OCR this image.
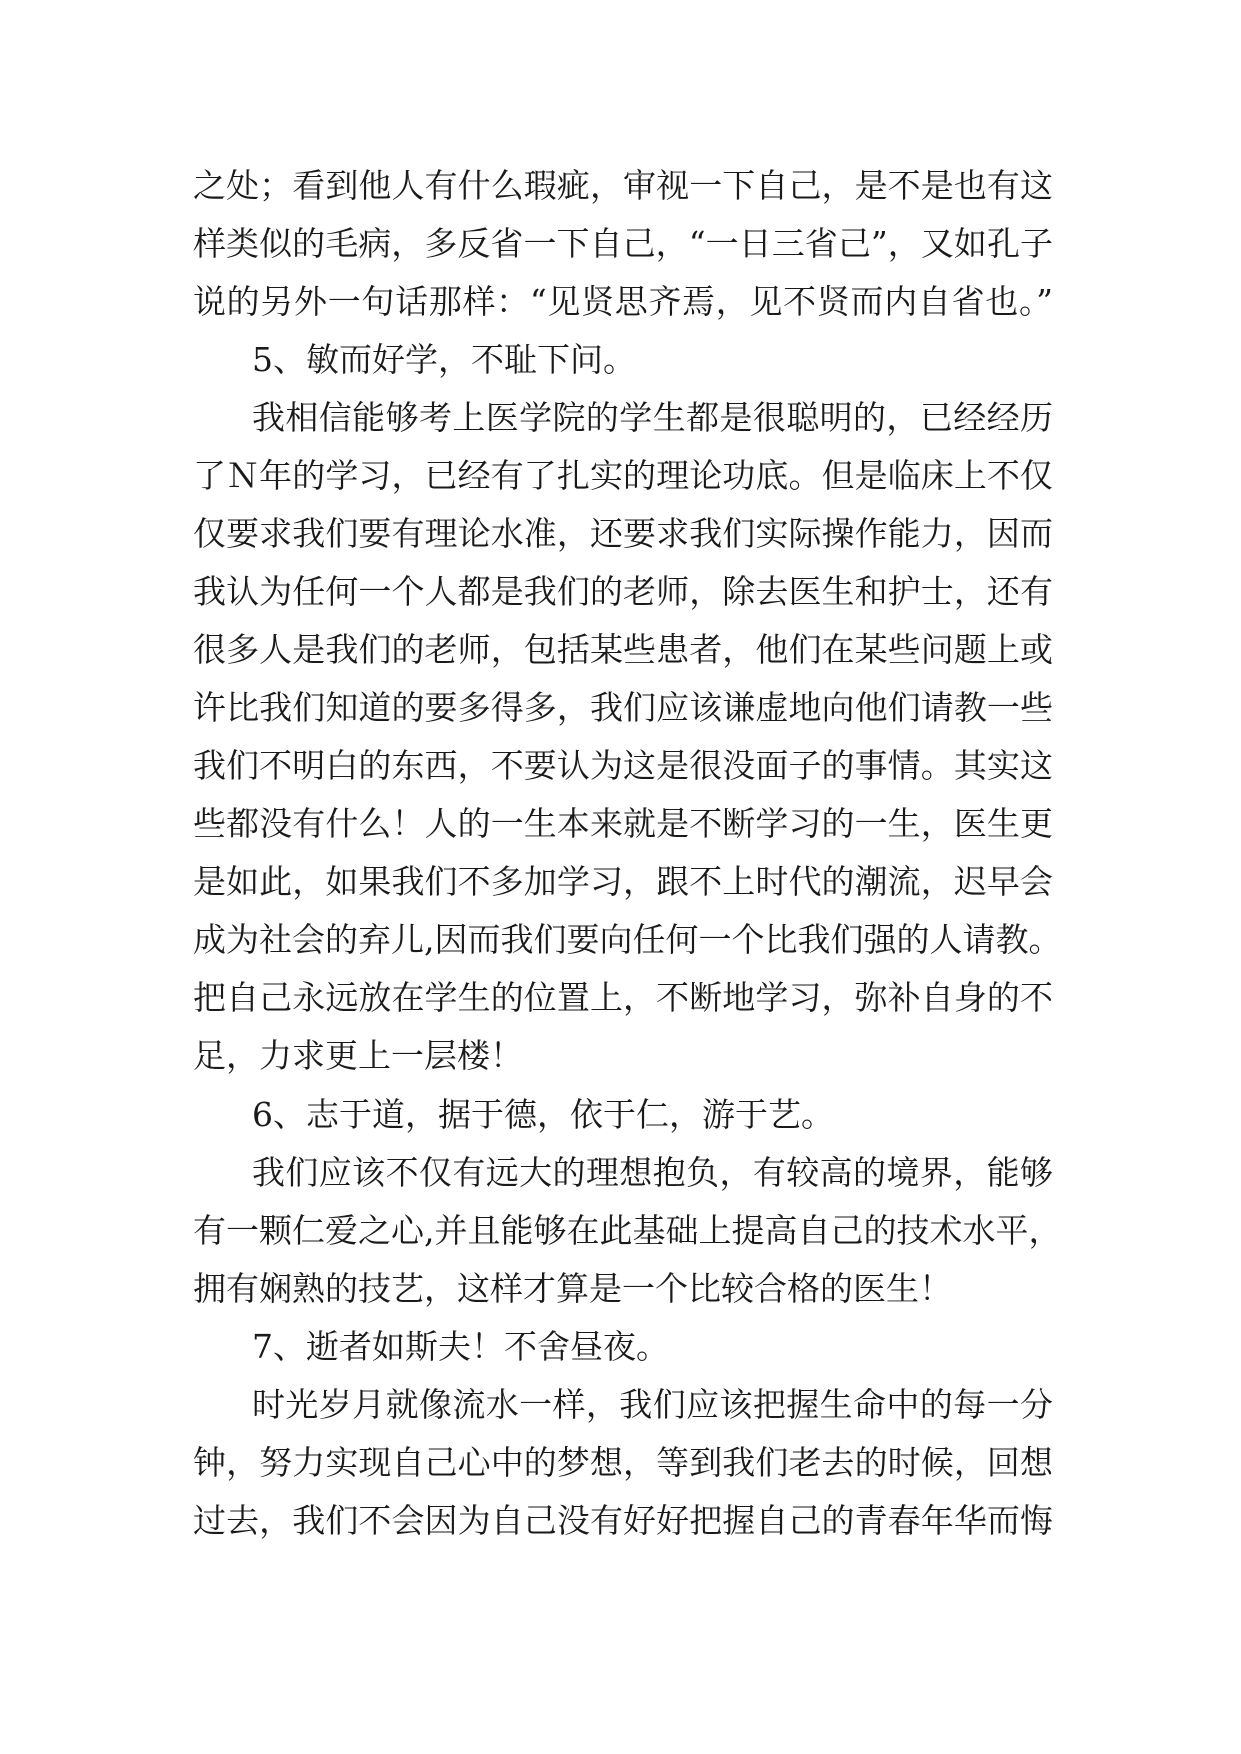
之处；看到他人有什么瑕疵，审视一下自己，是不是也有这
样类似的毛病，多反省一下自己，“一日三省己”，又如孔子
说的另外一句话那样：“见贤思齐焉，见不贤而内自省也。”
5、敏而好学，不耻下问。
我相信能够考上医学院的学生都是很聪明的，已经经历
了Ｎ年的学习，已经有了扎实的理论功底。但是临床上不仅
仅要求我们要有理论水准，还要求我们实际操作能力，因而
我认为任何一个人都是我们的老师，除去医生和护士，还有
很多人是我们的老师，包括某些患者，他们在某些问题上或
许比我们知道的要多得多，我们应该谦虚地向他们请教一些
我们不明白的东西，不要认为这是很没面子的事情。其实这
些都没有什么！人的一生本来就是不断学习的一生，医生更
是如此，如果我们不多加学习，跟不上时代的潮流，迟早会
成为社会的弃儿,因而我们要向任何一个比我们强的人请教。
把自己永远放在学生的位置上，不断地学习，弥补自身的不
足，力求更上一层楼！
6、志于道，据于德，依于仁，游于艺。
我们应该不仅有远大的理想抱负，有较高的境界，能够
有一颗仁爱之心,并且能够在此基础上提高自己的技术水平，
拥有娴熟的技艺，这样才算是一个比较合格的医生！
7、逝者如斯夫！不舍昼夜。
时光岁月就像流水一样，我们应该把握生命中的每一分
钟，努力实现自己心中的梦想，等到我们老去的时候，回想
过去，我们不会因为自己没有好好把握自己的青春年华而悔
